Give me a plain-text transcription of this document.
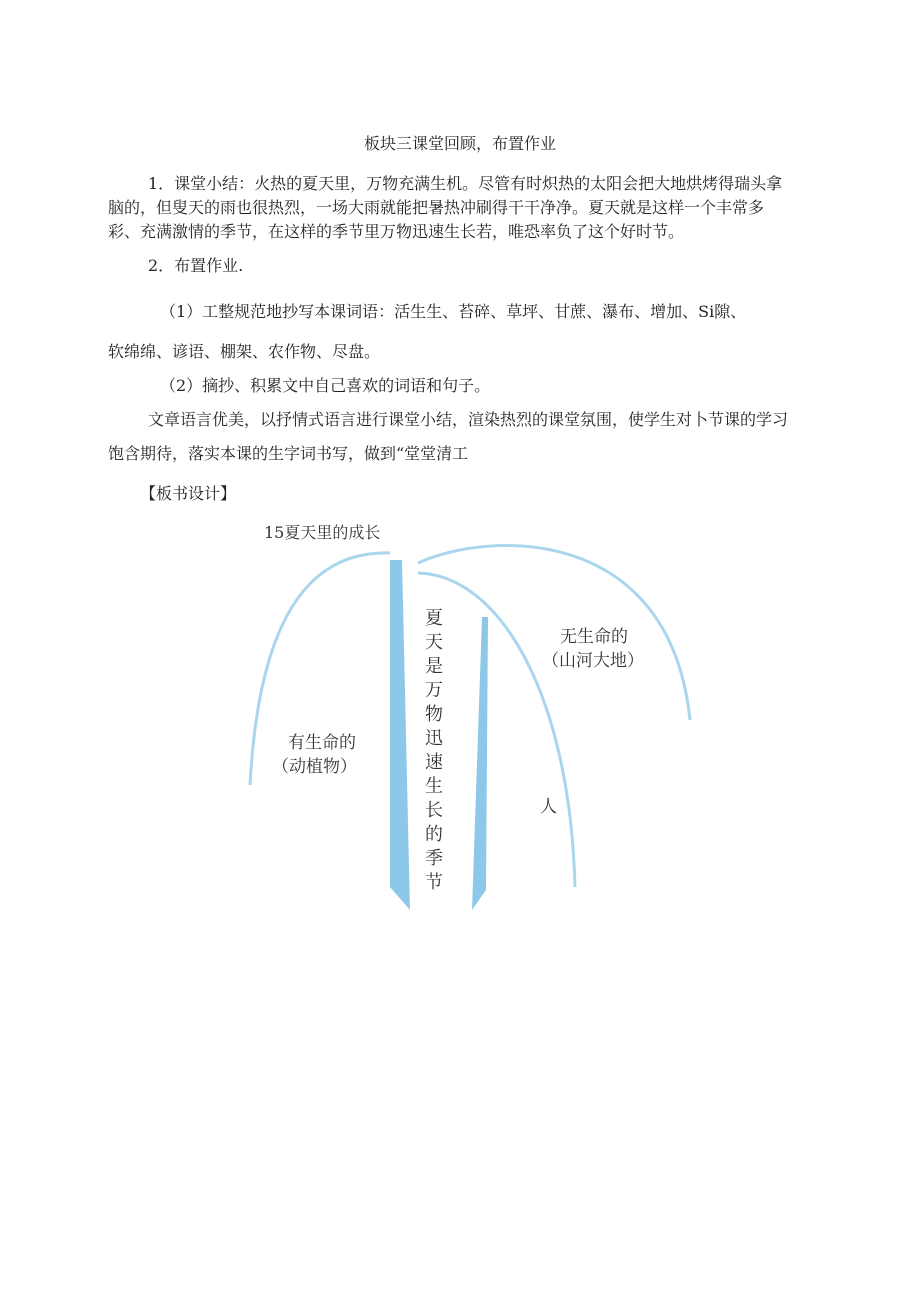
板块三课堂回顾，布置作业
1．课堂小结：火热的夏天里，万物充满生机。尽管有时炽热的太阳会把大地烘烤得瑞头拿
脑的，但叟天的雨也很热烈，一场大雨就能把暑热冲刷得干干净净。夏天就是这样一个丰常多
彩、充满激情的季节，在这样的季节里万物迅速生长若，唯恐率负了这个好时节。
2．布置作业.
（1）工整规范地抄写本课词语：活生生、苔碎、草坪、甘蔗、瀑布、增加、Si隙、
软绵绵、谚语、棚架、农作物、尽盘。
（2）摘抄、积累文中自己喜欢的词语和句子。
文章语言优美，以抒情式语言进行课堂小结，渲染热烈的课堂氛围，使学生对卜节课的学习
饱含期待，落实本课的生字词书写，做到“堂堂清工
【板书设计】
15夏天里的成长
夏天是万物迅速生长的季节
有生命的
（动植物）
无生命的
（山河大地）
人
